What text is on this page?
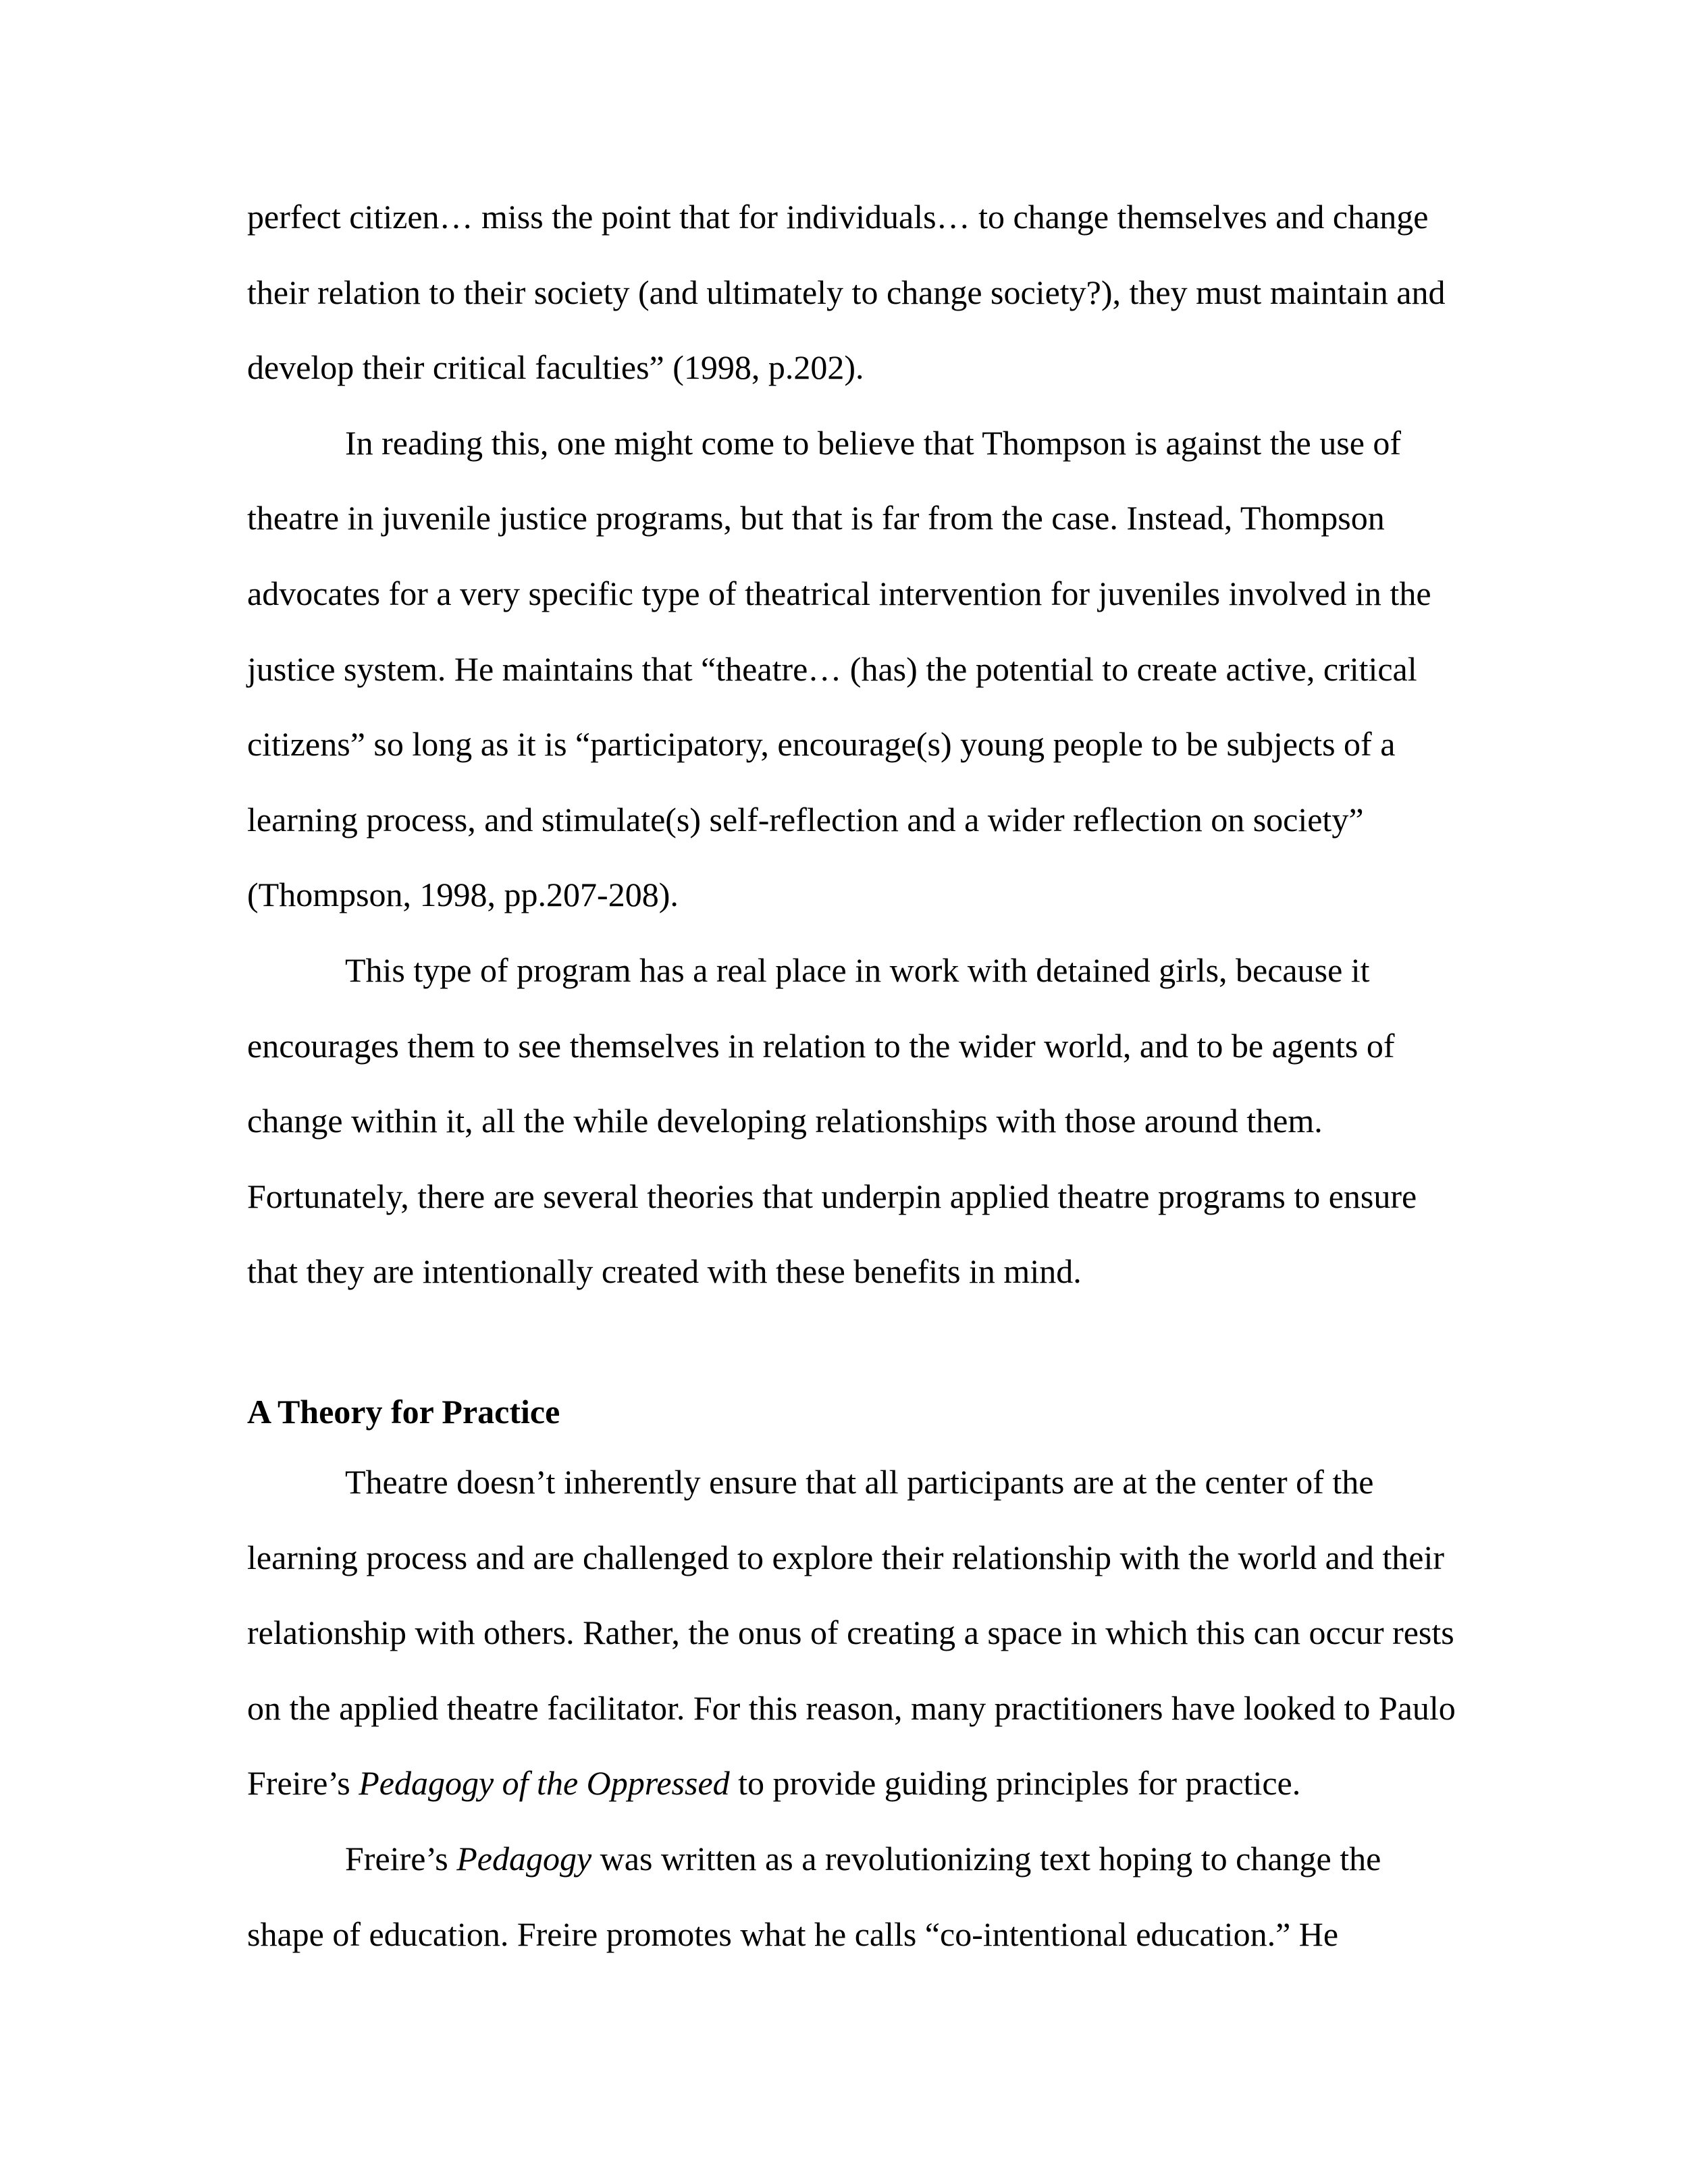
perfect citizen… miss the point that for individuals… to change themselves and change
their relation to their society (and ultimately to change society?), they must maintain and
develop their critical faculties” (1998, p.202).
In reading this, one might come to believe that Thompson is against the use of
theatre in juvenile justice programs, but that is far from the case. Instead, Thompson
advocates for a very specific type of theatrical intervention for juveniles involved in the
justice system. He maintains that “theatre… (has) the potential to create active, critical
citizens” so long as it is “participatory, encourage(s) young people to be subjects of a
learning process, and stimulate(s) self-reflection and a wider reflection on society”
(Thompson, 1998, pp.207-208).
This type of program has a real place in work with detained girls, because it
encourages them to see themselves in relation to the wider world, and to be agents of
change within it, all the while developing relationships with those around them.
Fortunately, there are several theories that underpin applied theatre programs to ensure
that they are intentionally created with these benefits in mind.
A Theory for Practice
Theatre doesn’t inherently ensure that all participants are at the center of the
learning process and are challenged to explore their relationship with the world and their
relationship with others. Rather, the onus of creating a space in which this can occur rests
on the applied theatre facilitator. For this reason, many practitioners have looked to Paulo
Freire’s Pedagogy of the Oppressed to provide guiding principles for practice.
Freire’s Pedagogy was written as a revolutionizing text hoping to change the
shape of education. Freire promotes what he calls “co-intentional education.” He
